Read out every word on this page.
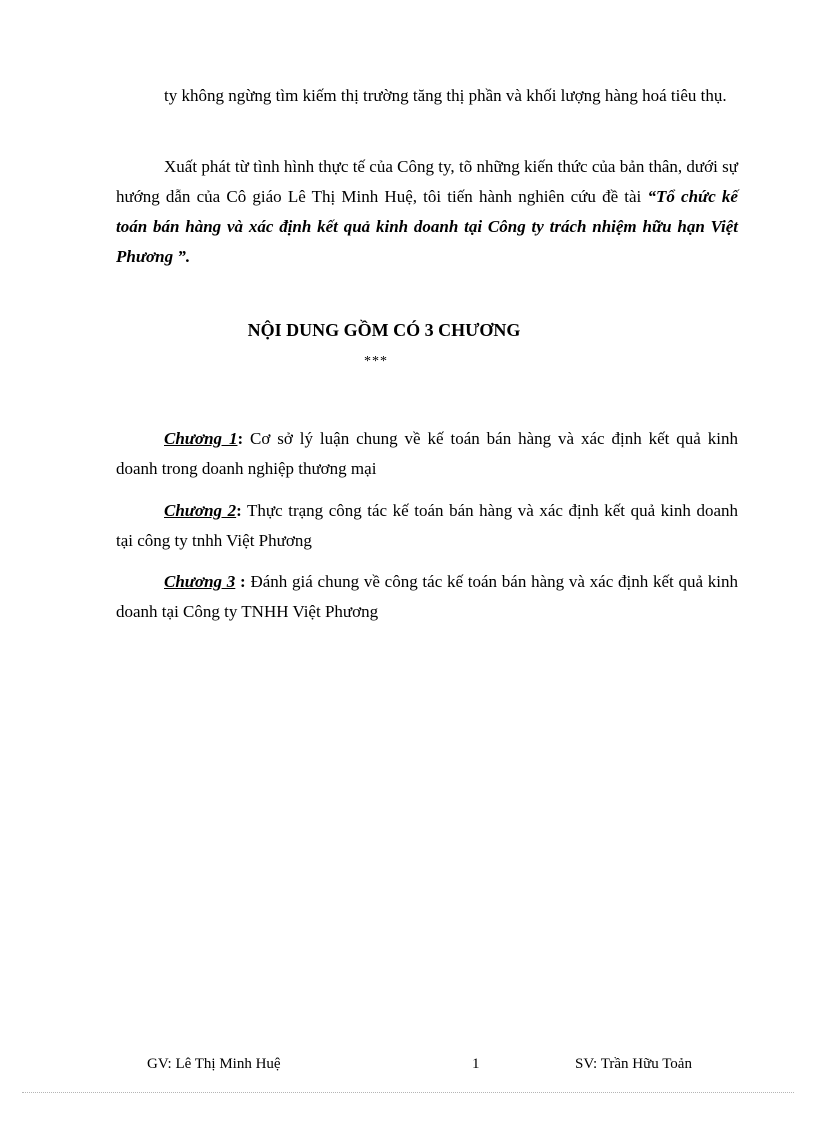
ty không ngừng tìm kiếm thị trường tăng thị phần và khối lượng hàng hoá tiêu thụ.

Xuất phát từ tình hình thực tế của Công ty, tõ những kiến thức của bản thân, dưới sự hướng dẫn của Cô giáo Lê Thị Minh Huệ, tôi tiến hành nghiên cứu đề tài “Tổ chức kế toán bán hàng và xác định kết quả kinh doanh tại Công ty trách nhiệm hữu hạn Việt Phương ”.

NỘI DUNG GỒM CÓ 3 CHƯƠNG
***

Chương 1: Cơ sở lý luận chung về kế toán bán hàng và xác định kết quả kinh doanh trong doanh nghiệp thương mại

Chương 2: Thực trạng công tác kế toán bán hàng và xác định kết quả kinh doanh tại công ty tnhh Việt Phương

Chương 3 : Đánh giá chung về công tác kế toán bán hàng và xác định kết quả kinh doanh tại Công ty TNHH Việt Phương

GV: Lê Thị Minh Huệ	1	SV: Trần Hữu Toản
